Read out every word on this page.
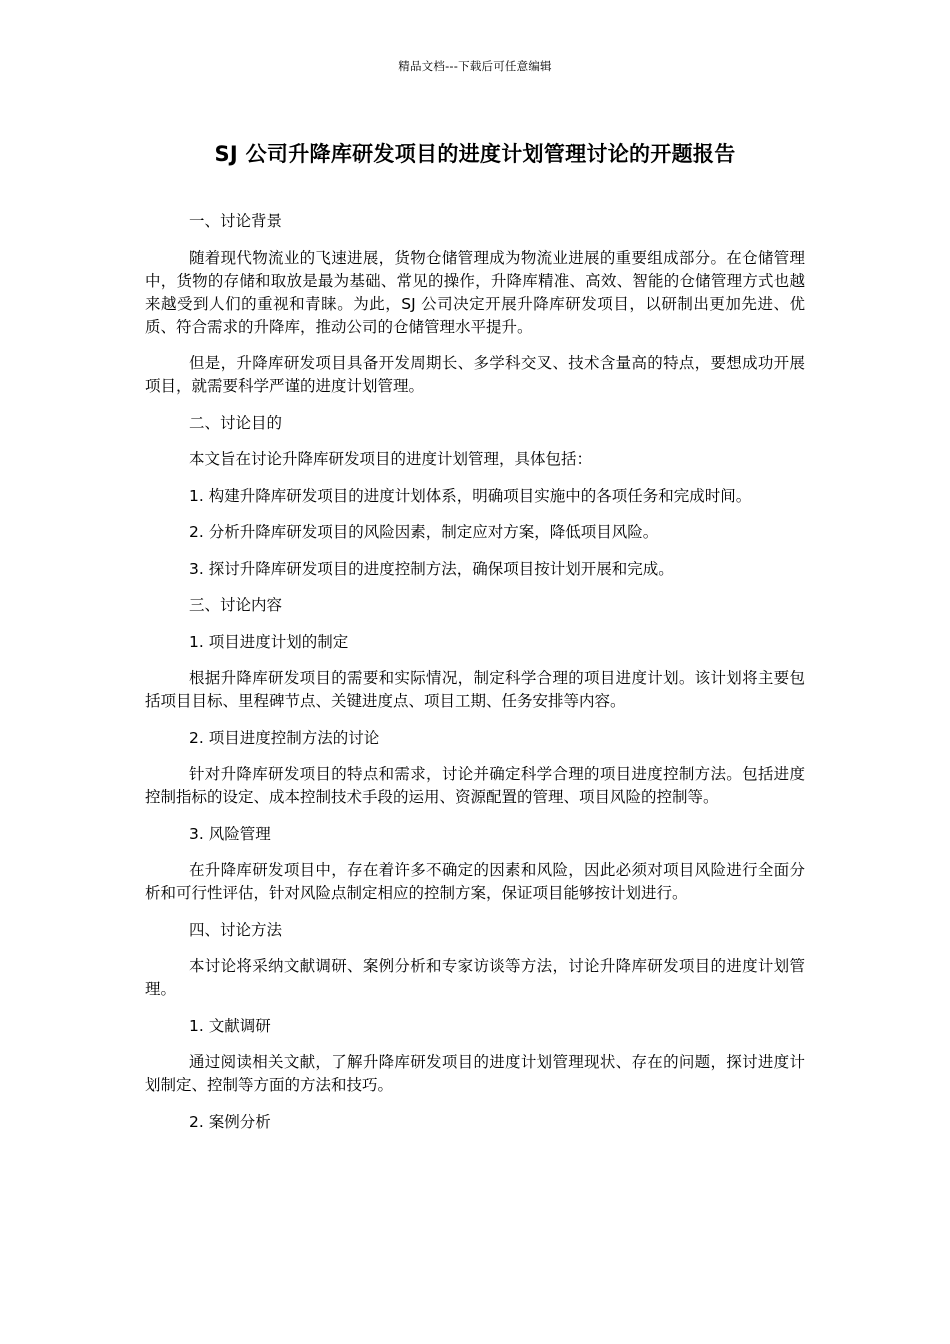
精品文档---下载后可任意编辑
SJ 公司升降库研发项目的进度计划管理讨论的开题报告

一、讨论背景

随着现代物流业的飞速进展，货物仓储管理成为物流业进展的重要组成部分。在仓储管理中，货物的存储和取放是最为基础、常见的操作，升降库精准、高效、智能的仓储管理方式也越来越受到人们的重视和青睐。为此，SJ 公司决定开展升降库研发项目，以研制出更加先进、优质、符合需求的升降库，推动公司的仓储管理水平提升。

但是，升降库研发项目具备开发周期长、多学科交叉、技术含量高的特点，要想成功开展项目，就需要科学严谨的进度计划管理。

二、讨论目的

本文旨在讨论升降库研发项目的进度计划管理，具体包括：

1. 构建升降库研发项目的进度计划体系，明确项目实施中的各项任务和完成时间。

2. 分析升降库研发项目的风险因素，制定应对方案，降低项目风险。

3. 探讨升降库研发项目的进度控制方法，确保项目按计划开展和完成。

三、讨论内容

1. 项目进度计划的制定

根据升降库研发项目的需要和实际情况，制定科学合理的项目进度计划。该计划将主要包括项目目标、里程碑节点、关键进度点、项目工期、任务安排等内容。

2. 项目进度控制方法的讨论

针对升降库研发项目的特点和需求，讨论并确定科学合理的项目进度控制方法。包括进度控制指标的设定、成本控制技术手段的运用、资源配置的管理、项目风险的控制等。

3. 风险管理

在升降库研发项目中，存在着许多不确定的因素和风险，因此必须对项目风险进行全面分析和可行性评估，针对风险点制定相应的控制方案，保证项目能够按计划进行。

四、讨论方法

本讨论将采纳文献调研、案例分析和专家访谈等方法，讨论升降库研发项目的进度计划管理。

1. 文献调研

通过阅读相关文献，了解升降库研发项目的进度计划管理现状、存在的问题，探讨进度计划制定、控制等方面的方法和技巧。

2. 案例分析
